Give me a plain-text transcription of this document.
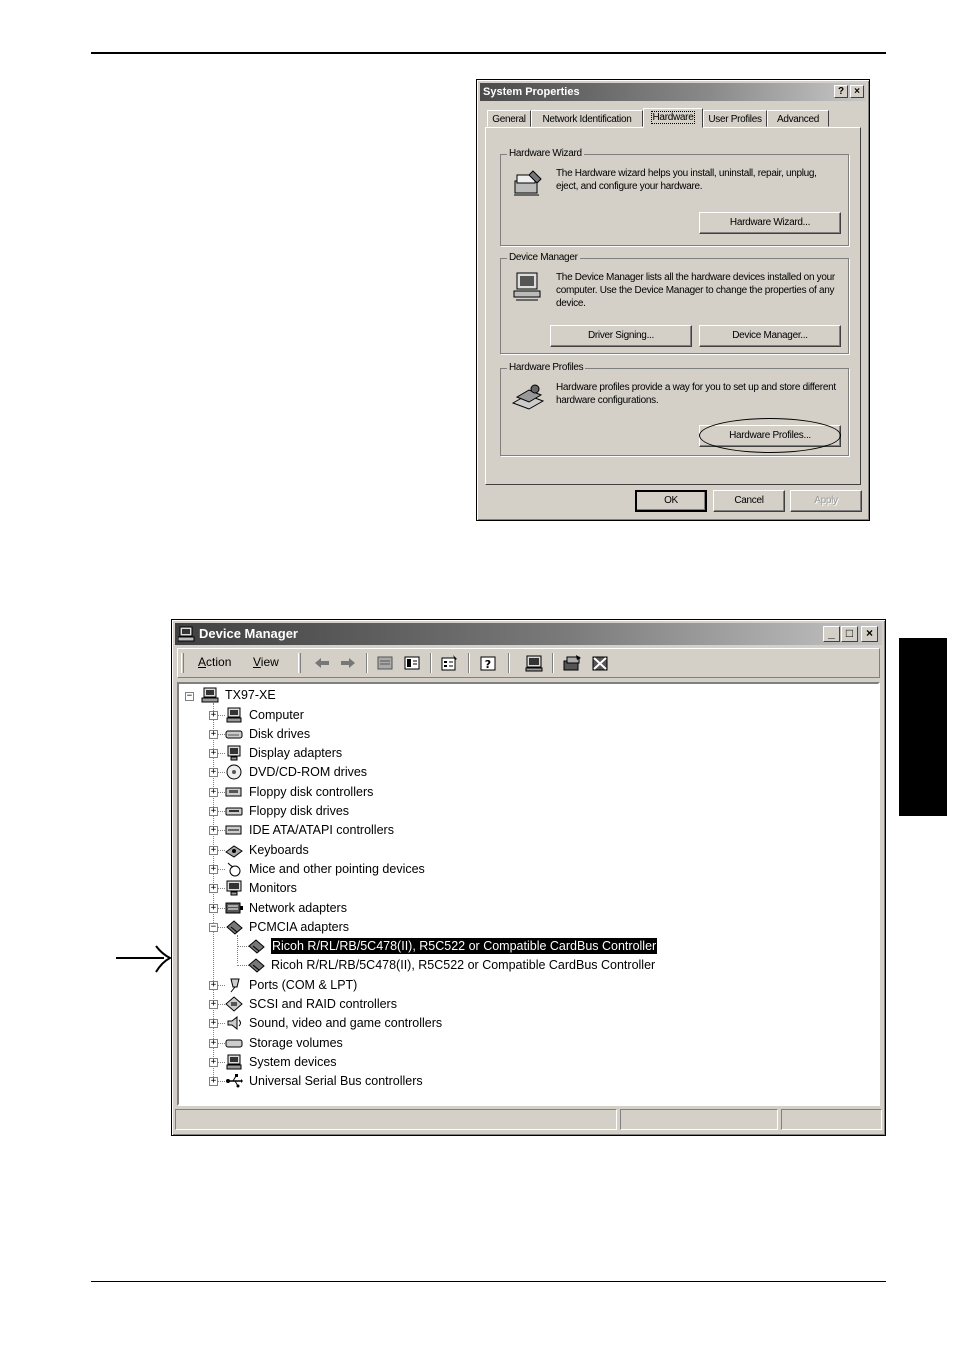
System Properties	?	×
General	Network Identification	Hardware	User Profiles	Advanced
Hardware Wizard
The Hardware wizard helps you install, uninstall, repair, unplug, eject, and configure your hardware.
Hardware Wizard...
Device Manager
The Device Manager lists all the hardware devices installed on your computer. Use the Device Manager to change the properties of any device.
Driver Signing...	Device Manager...
Hardware Profiles
Hardware profiles provide a way for you to set up and store different hardware configurations.
Hardware Profiles...
OK	Cancel	Apply
Device Manager	_ □	×
Action View	?
−	TX97-XE
+	Computer
+	Disk drives
+	Display adapters
+	DVD/CD-ROM drives
+	Floppy disk controllers
+	Floppy disk drives
+	IDE ATA/ATAPI controllers
+	Keyboards
+	Mice and other pointing devices
+	Monitors
+	Network adapters
−	PCMCIA adapters
Ricoh R/RL/RB/5C478(II), R5C522 or Compatible CardBus Controller
Ricoh R/RL/RB/5C478(II), R5C522 or Compatible CardBus Controller
+	Ports (COM & LPT)
+	SCSI and RAID controllers
+	Sound, video and game controllers
+	Storage volumes
+	System devices
+	Universal Serial Bus controllers
